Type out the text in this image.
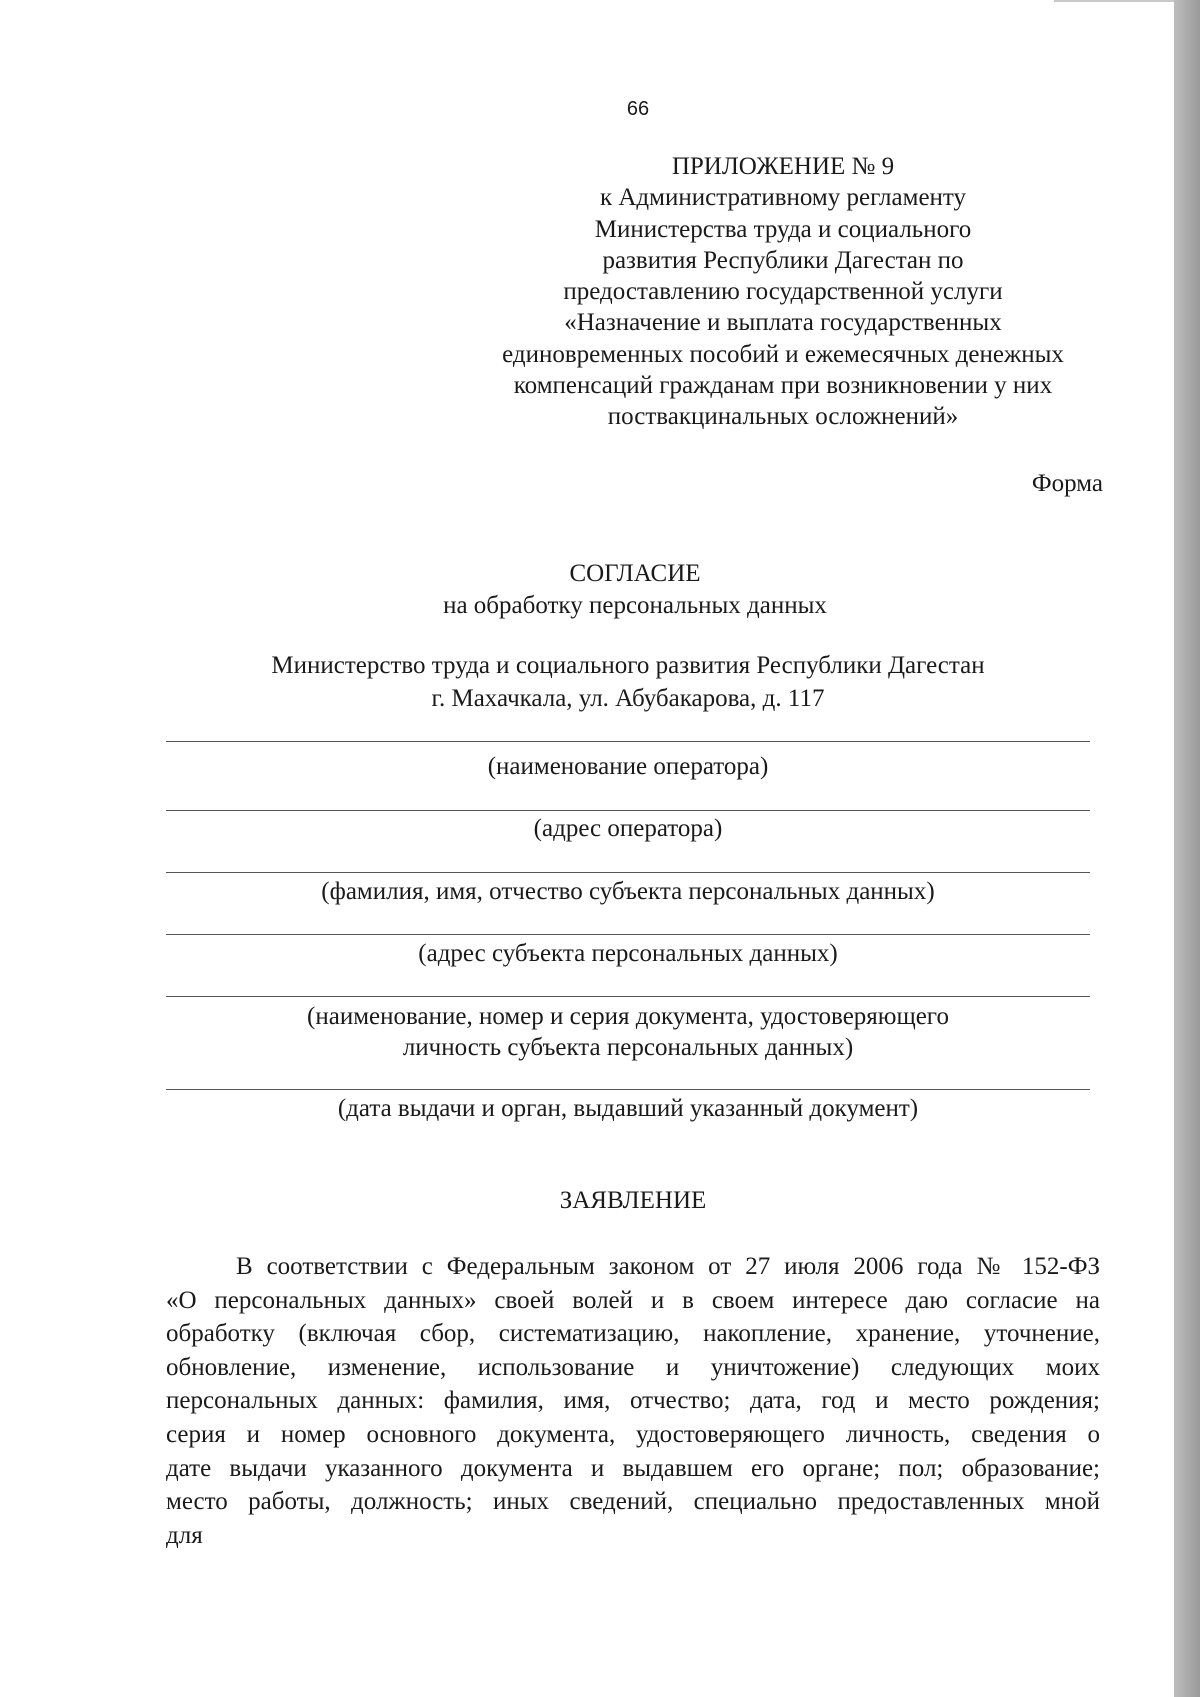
66
ПРИЛОЖЕНИЕ № 9
к Административному регламенту
Министерства труда и социального
развития Республики Дагестан по
предоставлению государственной услуги
«Назначение и выплата государственных
единовременных пособий и ежемесячных денежных
компенсаций гражданам при возникновении у них
поствакцинальных осложнений»
Форма
СОГЛАСИЕ
на обработку персональных данных
Министерство труда и социального развития Республики Дагестан
г. Махачкала, ул. Абубакарова, д. 117
(наименование оператора)
(адрес оператора)
(фамилия, имя, отчество субъекта персональных данных)
(адрес субъекта персональных данных)
(наименование, номер и серия документа, удостоверяющего
личность субъекта персональных данных)
(дата выдачи и орган, выдавший указанный документ)
ЗАЯВЛЕНИЕ
В соответствии с Федеральным законом от 27 июля 2006 года № 152-ФЗ
«О персональных данных» своей волей и в своем интересе даю согласие на
обработку (включая сбор, систематизацию, накопление, хранение, уточнение,
обновление, изменение, использование и уничтожение) следующих моих
персональных данных: фамилия, имя, отчество; дата, год и место рождения;
серия и номер основного документа, удостоверяющего личность, сведения о
дате выдачи указанного документа и выдавшем его органе; пол; образование;
место работы, должность; иных сведений, специально предоставленных мной
для
